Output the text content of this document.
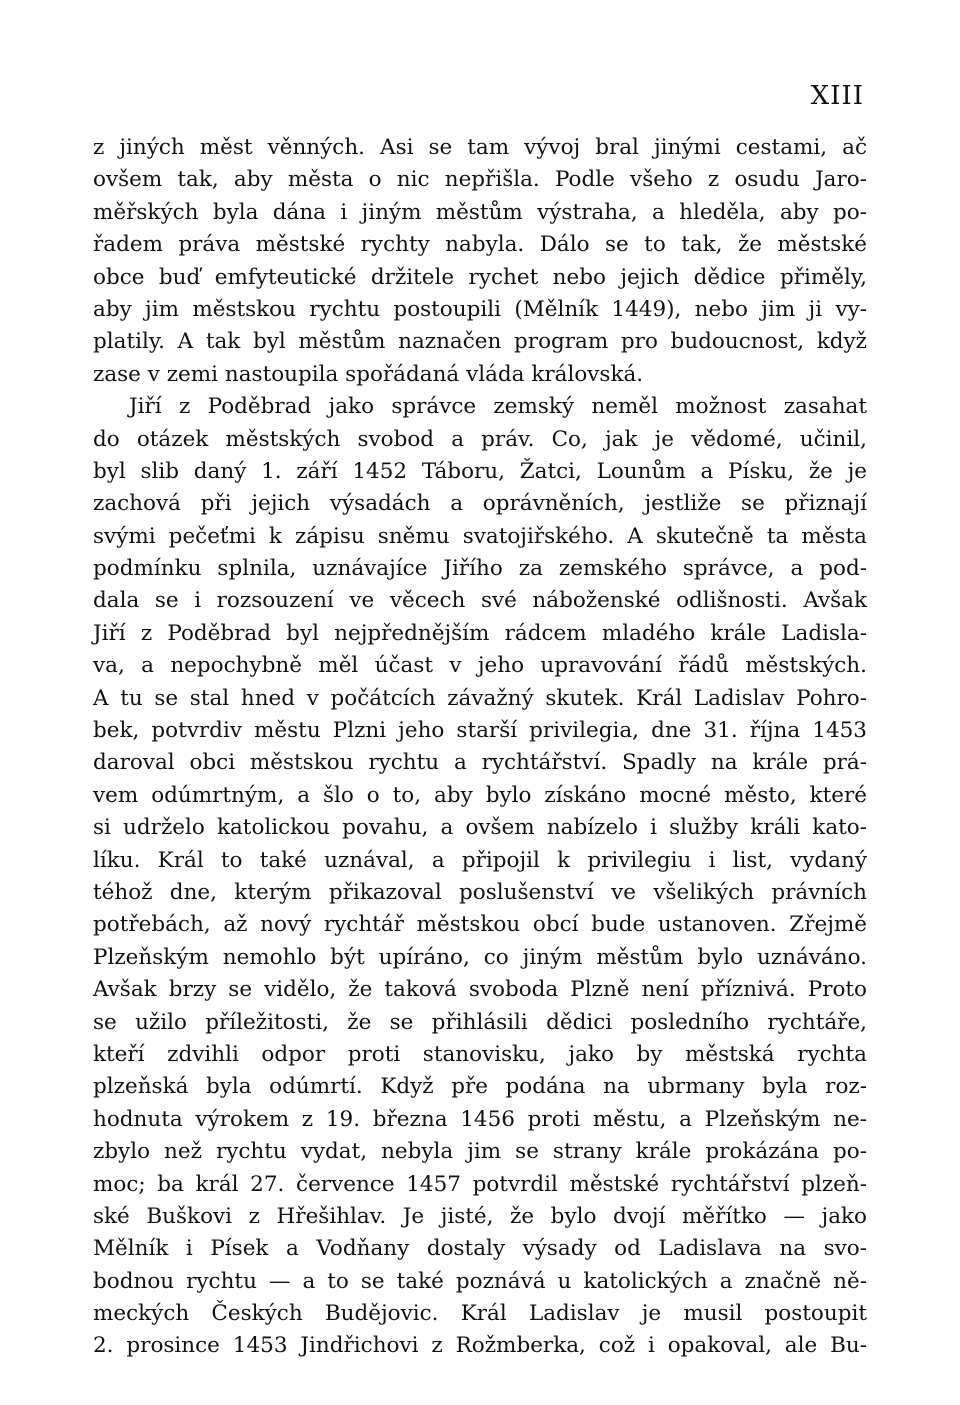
XIII
z jiných měst věnných. Asi se tam vývoj bral jinými cestami, ač
ovšem tak, aby města o nic nepřišla. Podle všeho z osudu Jaro-
měřských byla dána i jiným městům výstraha, a hleděla, aby po-
řadem práva městské rychty nabyla. Dálo se to tak, že městské
obce buď emfyteutické držitele rychet nebo jejich dědice přiměly,
aby jim městskou rychtu postoupili (Mělník 1449), nebo jim ji vy-
platily. A tak byl městům naznačen program pro budoucnost, když
zase v zemi nastoupila spořádaná vláda královská.
Jiří z Poděbrad jako správce zemský neměl možnost zasahat
do otázek městských svobod a práv. Co, jak je vědomé, učinil,
byl slib daný 1. září 1452 Táboru, Žatci, Lounům a Písku, že je
zachová při jejich výsadách a oprávněních, jestliže se přiznají
svými pečeťmi k zápisu sněmu svatojiřského. A skutečně ta města
podmínku splnila, uznávajíce Jiřího za zemského správce, a pod-
dala se i rozsouzení ve věcech své náboženské odlišnosti. Avšak
Jiří z Poděbrad byl nejpřednějším rádcem mladého krále Ladisla-
va, a nepochybně měl účast v jeho upravování řádů městských.
A tu se stal hned v počátcích závažný skutek. Král Ladislav Pohro-
bek, potvrdiv městu Plzni jeho starší privilegia, dne 31. října 1453
daroval obci městskou rychtu a rychtářství. Spadly na krále prá-
vem odúmrtným, a šlo o to, aby bylo získáno mocné město, které
si udrželo katolickou povahu, a ovšem nabízelo i služby králi kato-
líku. Král to také uznával, a připojil k privilegiu i list, vydaný
téhož dne, kterým přikazoval poslušenství ve všelikých právních
potřebách, až nový rychtář městskou obcí bude ustanoven. Zřejmě
Plzeňským nemohlo být upíráno, co jiným městům bylo uznáváno.
Avšak brzy se vidělo, že taková svoboda Plzně není příznivá. Proto
se užilo příležitosti, že se přihlásili dědici posledního rychtáře,
kteří zdvihli odpor proti stanovisku, jako by městská rychta
plzeňská byla odúmrtí. Když pře podána na ubrmany byla roz-
hodnuta výrokem z 19. března 1456 proti městu, a Plzeňským ne-
zbylo než rychtu vydat, nebyla jim se strany krále prokázána po-
moc; ba král 27. července 1457 potvrdil městské rychtářství plzeň-
ské Buškovi z Hřešihlav. Je jisté, že bylo dvojí měřítko — jako
Mělník i Písek a Vodňany dostaly výsady od Ladislava na svo-
bodnou rychtu — a to se také poznává u katolických a značně ně-
meckých Českých Budějovic. Král Ladislav je musil postoupit
2. prosince 1453 Jindřichovi z Rožmberka, což i opakoval, ale Bu-
